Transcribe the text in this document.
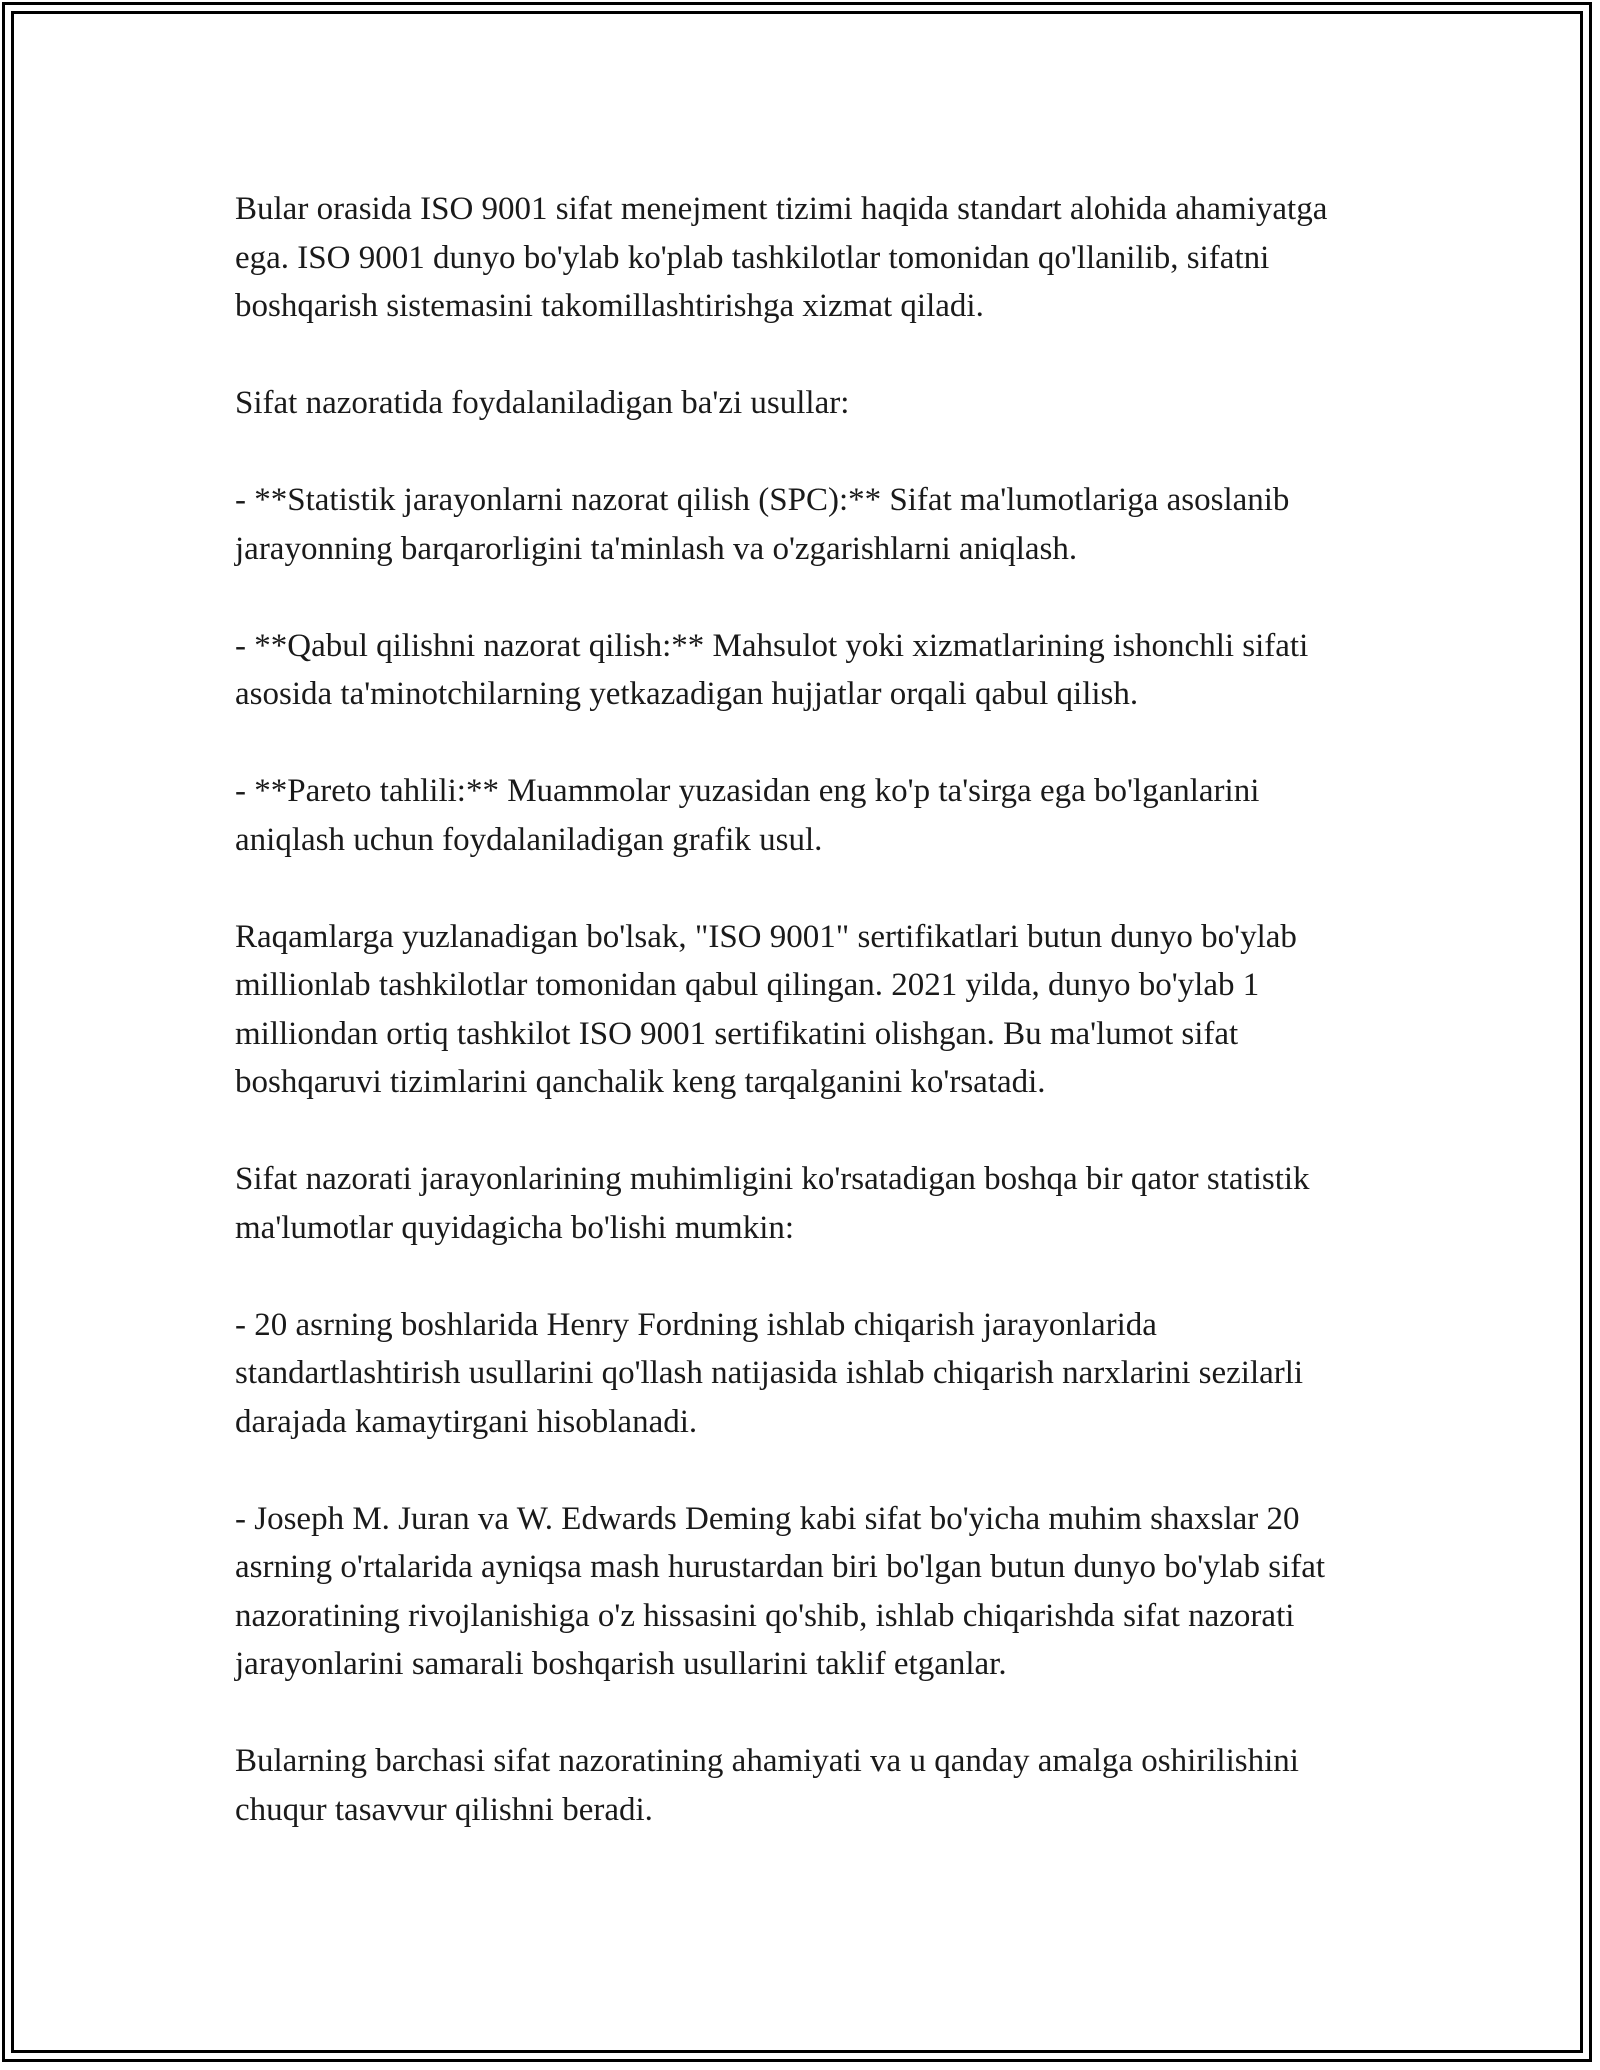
Bular orasida ISO 9001 sifat menejment tizimi haqida standart alohida ahamiyatga ega. ISO 9001 dunyo bo'ylab ko'plab tashkilotlar tomonidan qo'llanilib, sifatni boshqarish sistemasini takomillashtirishga xizmat qiladi.

Sifat nazoratida foydalaniladigan ba'zi usullar:

- **Statistik jarayonlarni nazorat qilish (SPC):** Sifat ma'lumotlariga asoslanib jarayonning barqarorligini ta'minlash va o'zgarishlarni aniqlash.

- **Qabul qilishni nazorat qilish:** Mahsulot yoki xizmatlarining ishonchli sifati asosida ta'minotchilarning yetkazadigan hujjatlar orqali qabul qilish.

- **Pareto tahlili:** Muammolar yuzasidan eng ko'p ta'sirga ega bo'lganlarini aniqlash uchun foydalaniladigan grafik usul.

Raqamlarga yuzlanadigan bo'lsak, "ISO 9001" sertifikatlari butun dunyo bo'ylab millionlab tashkilotlar tomonidan qabul qilingan. 2021 yilda, dunyo bo'ylab 1 milliondan ortiq tashkilot ISO 9001 sertifikatini olishgan. Bu ma'lumot sifat boshqaruvi tizimlarini qanchalik keng tarqalganini ko'rsatadi.

Sifat nazorati jarayonlarining muhimligini ko'rsatadigan boshqa bir qator statistik ma'lumotlar quyidagicha bo'lishi mumkin:

- 20 asrning boshlarida Henry Fordning ishlab chiqarish jarayonlarida standartlashtirish usullarini qo'llash natijasida ishlab chiqarish narxlarini sezilarli darajada kamaytirgani hisoblanadi.

- Joseph M. Juran va W. Edwards Deming kabi sifat bo'yicha muhim shaxslar 20 asrning o'rtalarida ayniqsa mash hurustardan biri bo'lgan butun dunyo bo'ylab sifat nazoratining rivojlanishiga o'z hissasini qo'shib, ishlab chiqarishda sifat nazorati jarayonlarini samarali boshqarish usullarini taklif etganlar.

Bularning barchasi sifat nazoratining ahamiyati va u qanday amalga oshirilishini chuqur tasavvur qilishni beradi.
